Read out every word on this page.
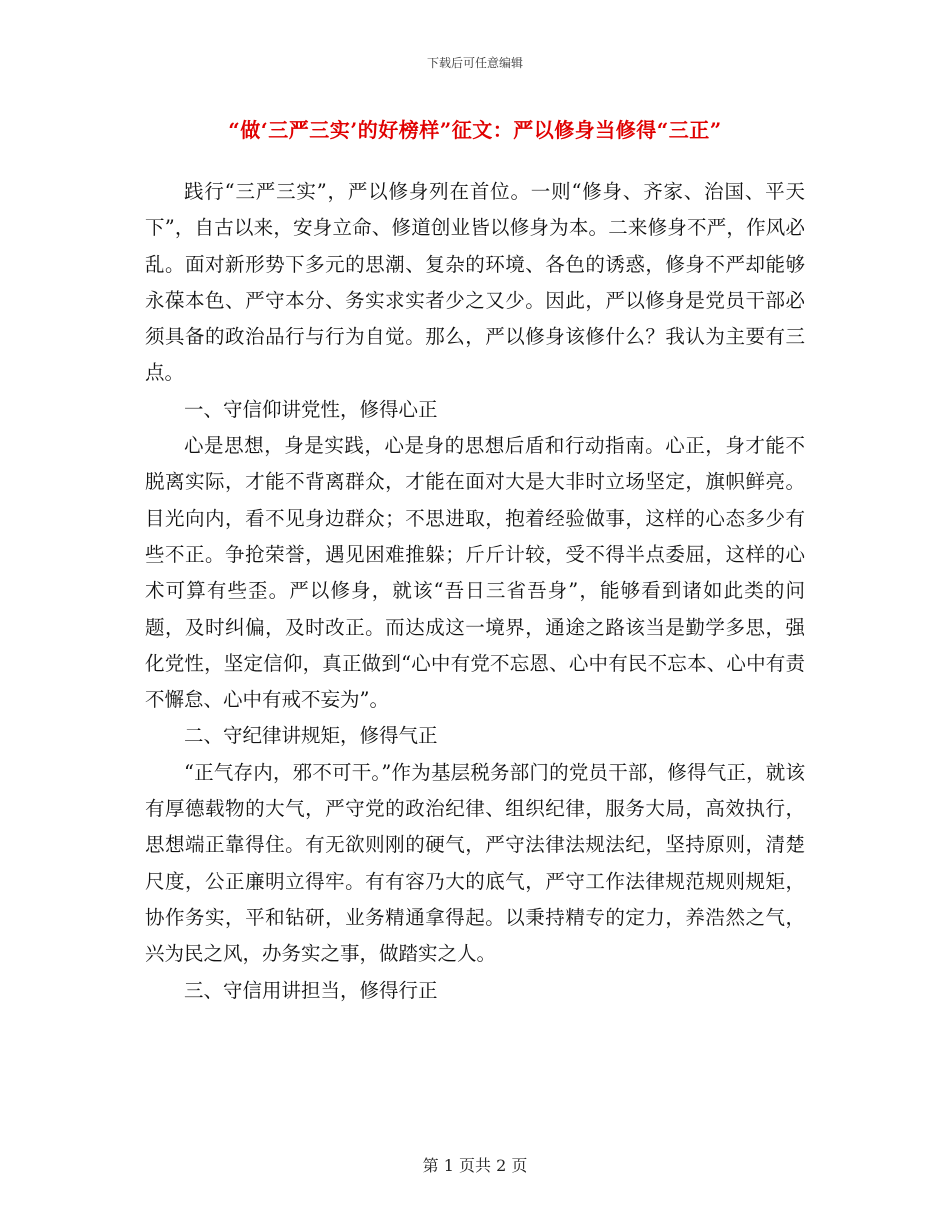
下载后可任意编辑
“做‘三严三实’的好榜样”征文：严以修身当修得“三正”

践行“三严三实”，严以修身列在首位。一则“修身、齐家、治国、平天下”，自古以来，安身立命、修道创业皆以修身为本。二来修身不严，作风必乱。面对新形势下多元的思潮、复杂的环境、各色的诱惑，修身不严却能够永葆本色、严守本分、务实求实者少之又少。因此，严以修身是党员干部必须具备的政治品行与行为自觉。那么，严以修身该修什么？我认为主要有三点。

一、守信仰讲党性，修得心正

心是思想，身是实践，心是身的思想后盾和行动指南。心正，身才能不脱离实际，才能不背离群众，才能在面对大是大非时立场坚定，旗帜鲜亮。目光向内，看不见身边群众；不思进取，抱着经验做事，这样的心态多少有些不正。争抢荣誉，遇见困难推躲；斤斤计较，受不得半点委屈，这样的心术可算有些歪。严以修身，就该“吾日三省吾身”，能够看到诸如此类的问题，及时纠偏，及时改正。而达成这一境界，通途之路该当是勤学多思，强化党性，坚定信仰，真正做到“心中有党不忘恩、心中有民不忘本、心中有责不懈怠、心中有戒不妄为”。

二、守纪律讲规矩，修得气正

“正气存内，邪不可干。”作为基层税务部门的党员干部，修得气正，就该有厚德载物的大气，严守党的政治纪律、组织纪律，服务大局，高效执行，思想端正靠得住。有无欲则刚的硬气，严守法律法规法纪，坚持原则，清楚尺度，公正廉明立得牢。有有容乃大的底气，严守工作法律规范规则规矩，协作务实，平和钻研，业务精通拿得起。以秉持精专的定力，养浩然之气，兴为民之风，办务实之事，做踏实之人。

三、守信用讲担当，修得行正

第 1 页共 2 页
